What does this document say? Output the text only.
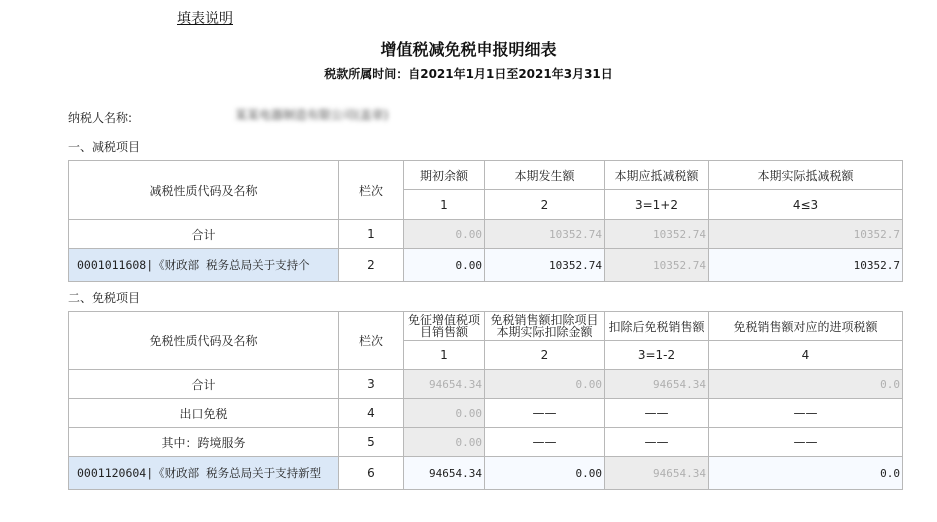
填表说明
增值税减免税申报明细表
税款所属时间：自2021年1月1日至2021年3月31日
纳税人名称:	某某电器制造有限公司(盖章)
一、减税项目
减税性质代码及名称	栏次	期初余额	本期发生额	本期应抵减税额	本期实际抵减税额
		1	2	3=1+2	4≤3
合计	1	0.00	10352.74	10352.74	10352.7
0001011608|《财政部 税务总局关于支持个	2	0.00	10352.74	10352.74	10352.7
二、免税项目
免税性质代码及名称	栏次	免征增值税项目销售额	免税销售额扣除项目本期实际扣除金额	扣除后免税销售额	免税销售额对应的进项税额
		1	2	3=1-2	4
合计	3	94654.34	0.00	94654.34	0.0
出口免税	4	0.00	——	——	——
其中：跨境服务	5	0.00	——	——	——
0001120604|《财政部 税务总局关于支持新型	6	94654.34	0.00	94654.34	0.0
